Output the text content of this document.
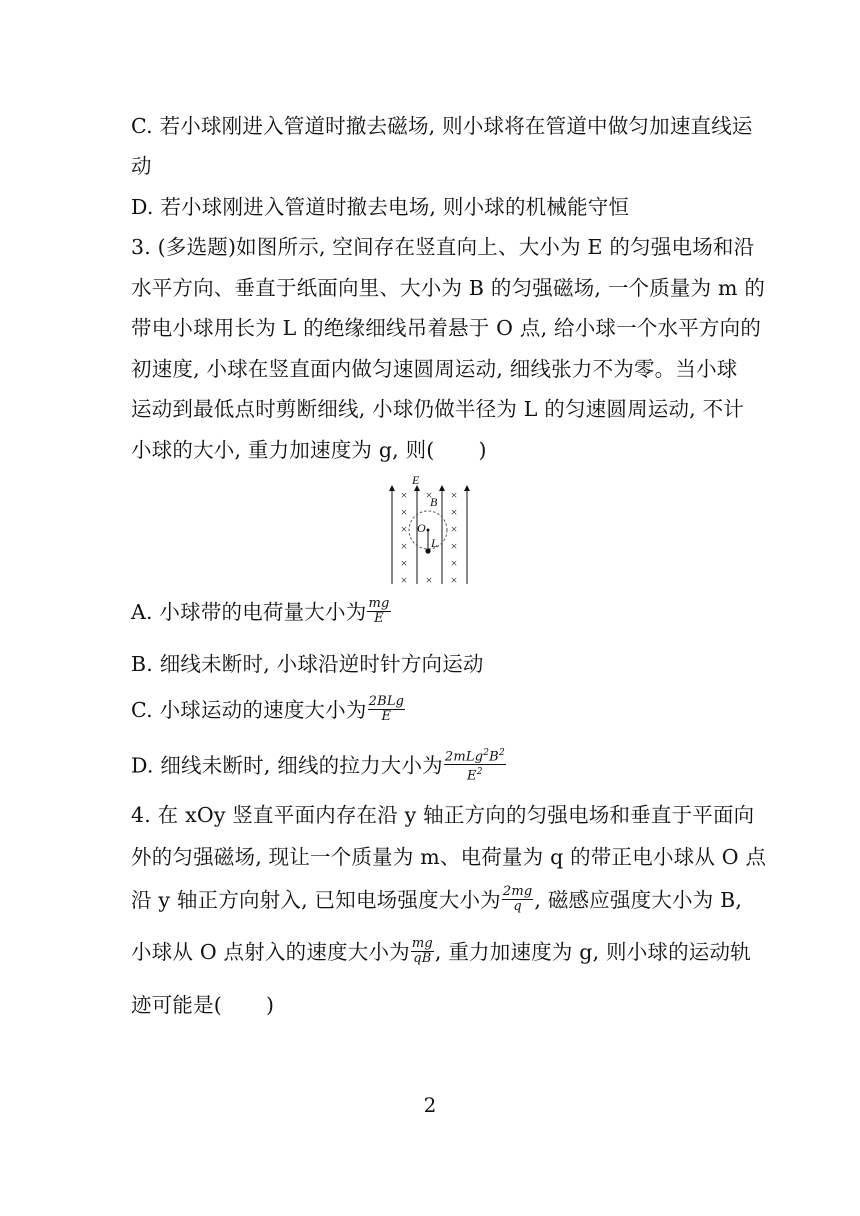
C. 若小球刚进入管道时撤去磁场, 则小球将在管道中做匀加速直线运
动
D. 若小球刚进入管道时撤去电场, 则小球的机械能守恒
3. (多选题)如图所示, 空间存在竖直向上、大小为 E 的匀强电场和沿
水平方向、垂直于纸面向里、大小为 B 的匀强磁场, 一个质量为 m 的
带电小球用长为 L 的绝缘细线吊着悬于 O 点, 给小球一个水平方向的
初速度, 小球在竖直面内做匀速圆周运动, 细线张力不为零。当小球
运动到最低点时剪断细线, 小球仍做半径为 L 的匀速圆周运动, 不计
小球的大小, 重力加速度为 g, 则( )
E
B
O
L
×
×
×
×
×
×
×
×
×
×
×
×
×
×
A. 小球带的电荷量大小为 $\frac{mg}{E}$
B. 细线未断时, 小球沿逆时针方向运动
C. 小球运动的速度大小为 $\frac{\text{2BLg}}{E}$
D. 细线未断时, 细线的拉力大小为 $\frac{2mLg^2B^2}{E^2}$
4. 在 xOy 竖直平面内存在沿 y 轴正方向的匀强电场和垂直于平面向
外的匀强磁场, 现让一个质量为 m、电荷量为 q 的带正电小球从 O 点
沿 y 轴正方向射入, 已知电场强度大小为 $\frac{2mg}{q}$ , 磁感应强度大小为 B,
小球从 O 点射入的速度大小为 $\frac{mg}{qB}$ , 重力加速度为 g, 则小球的运动轨
迹可能是( )
2
